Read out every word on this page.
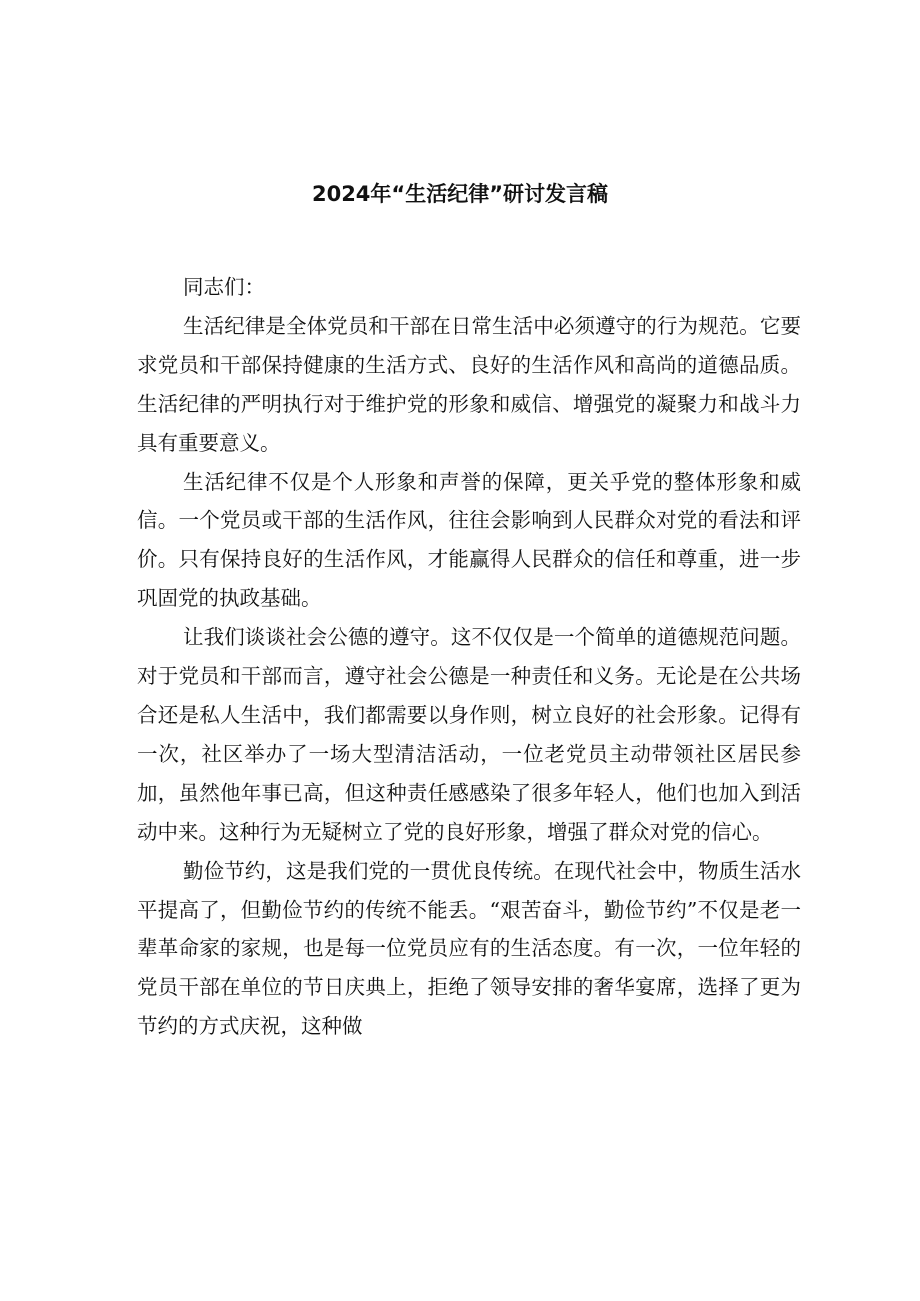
2024年“生活纪律”研讨发言稿

同志们：

生活纪律是全体党员和干部在日常生活中必须遵守的行为规范。它要求党员和干部保持健康的生活方式、良好的生活作风和高尚的道德品质。生活纪律的严明执行对于维护党的形象和威信、增强党的凝聚力和战斗力具有重要意义。

生活纪律不仅是个人形象和声誉的保障，更关乎党的整体形象和威信。一个党员或干部的生活作风，往往会影响到人民群众对党的看法和评价。只有保持良好的生活作风，才能赢得人民群众的信任和尊重，进一步巩固党的执政基础。

让我们谈谈社会公德的遵守。这不仅仅是一个简单的道德规范问题。对于党员和干部而言，遵守社会公德是一种责任和义务。无论是在公共场合还是私人生活中，我们都需要以身作则，树立良好的社会形象。记得有一次，社区举办了一场大型清洁活动，一位老党员主动带领社区居民参加，虽然他年事已高，但这种责任感感染了很多年轻人，他们也加入到活动中来。这种行为无疑树立了党的良好形象，增强了群众对党的信心。

勤俭节约，这是我们党的一贯优良传统。在现代社会中，物质生活水平提高了，但勤俭节约的传统不能丢。“艰苦奋斗，勤俭节约”不仅是老一辈革命家的家规，也是每一位党员应有的生活态度。有一次，一位年轻的党员干部在单位的节日庆典上，拒绝了领导安排的奢华宴席，选择了更为节约的方式庆祝，这种做
